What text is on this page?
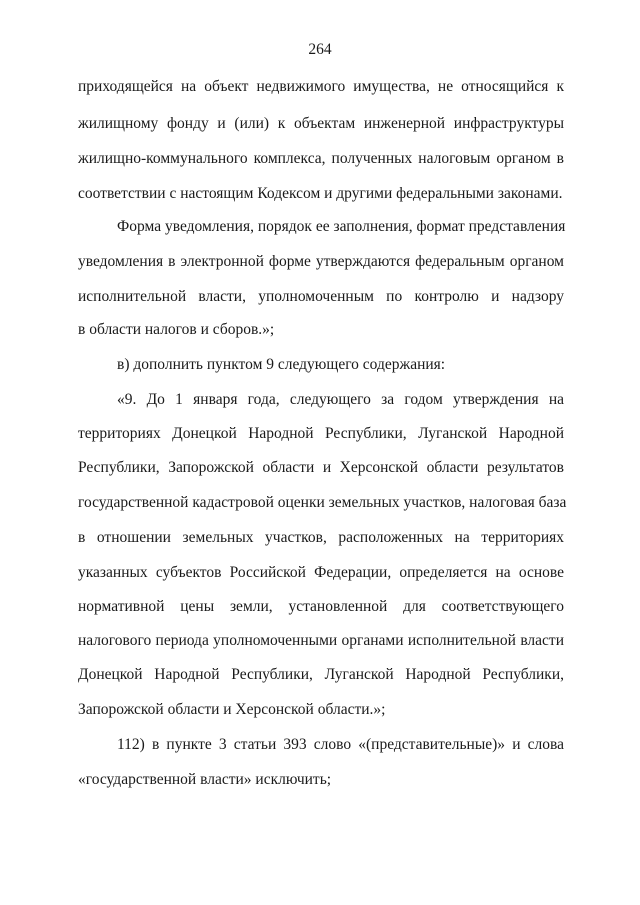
264
приходящейся на объект недвижимого имущества, не относящийся к
жилищному фонду и (или) к объектам инженерной инфраструктуры
жилищно-коммунального комплекса, полученных налоговым органом в
соответствии с настоящим Кодексом и другими федеральными законами.
Форма уведомления, порядок ее заполнения, формат представления
уведомления в электронной форме утверждаются федеральным органом
исполнительной власти, уполномоченным по контролю и надзору
в области налогов и сборов.»;
в) дополнить пунктом 9 следующего содержания:
«9. До 1 января года, следующего за годом утверждения на
территориях Донецкой Народной Республики, Луганской Народной
Республики, Запорожской области и Херсонской области результатов
государственной кадастровой оценки земельных участков, налоговая база
в отношении земельных участков, расположенных на территориях
указанных субъектов Российской Федерации, определяется на основе
нормативной цены земли, установленной для соответствующего
налогового периода уполномоченными органами исполнительной власти
Донецкой Народной Республики, Луганской Народной Республики,
Запорожской области и Херсонской области.»;
112) в пункте 3 статьи 393 слово «(представительные)» и слова
«государственной власти» исключить;
